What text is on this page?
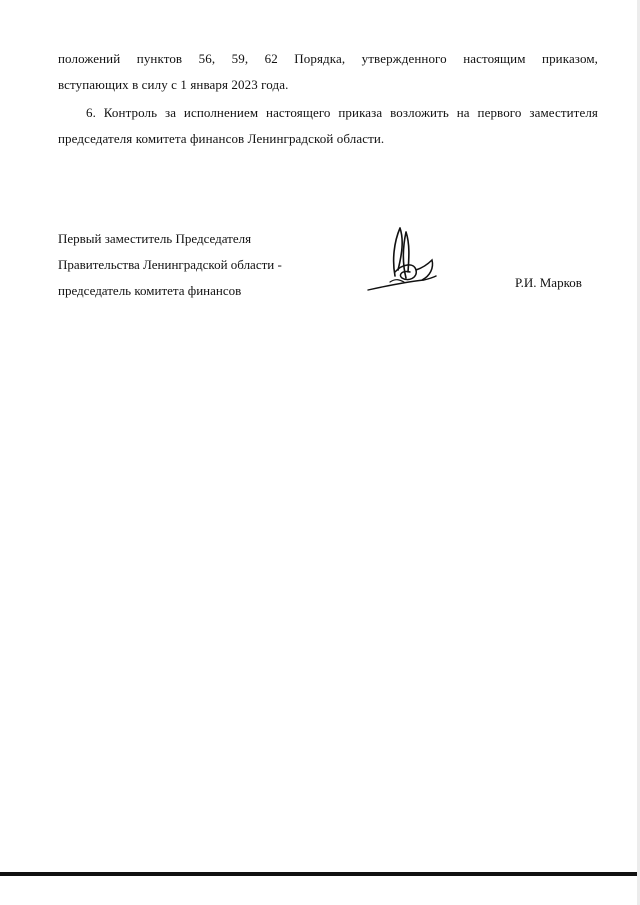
положений пунктов 56, 59, 62 Порядка, утвержденного настоящим приказом,
вступающих в силу с 1 января 2023 года.
6. Контроль за исполнением настоящего приказа возложить на первого заместителя
председателя комитета финансов Ленинградской области.
Первый заместитель Председателя
Правительства Ленинградской области -
председатель комитета финансов
Р.И. Марков
